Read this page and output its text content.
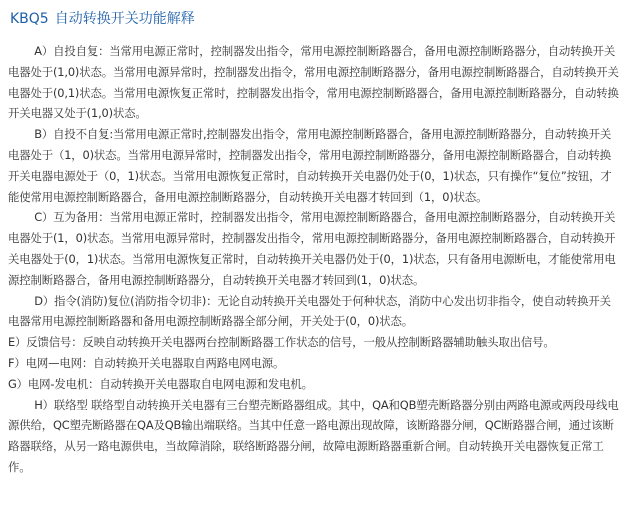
KBQ5 自动转换开关功能解释

A）自投自复：当常用电源正常时，控制器发出指令，常用电源控制断路器合，备用电源控制断路器分，自动转换开关电器处于(1,0)状态。当常用电源异常时，控制器发出指令，常用电源控制断路器分，备用电源控制断路器合，自动转换开关电器处于(0,1)状态。当常用电源恢复正常时，控制器发出指令，常用电源控制断路器合，备用电源控制断路器分，自动转换开关电器又处于(1,0)状态。

B）自投不自复:当常用电源正常时,控制器发出指令，常用电源控制断路器合，备用电源控制断路器分，自动转换开关电器处于（1，0)状态。当常用电源异常时，控制器发出指令，常用电源控制断路器分，备用电源控制断路器合，自动转换开关电器电源处于（0，1)状态。当常用电源恢复正常时，自动转换开关电器仍处于(0，1)状态，只有操作“复位”按钮，才能使常用电源控制断路器合，备用电源控制断路器分，自动转换开关电器才转回到（1，0)状态。

C）互为备用：当常用电源正常时，控制器发出指令，常用电源控制断路器合，备用电源控制断路器分，自动转换开关电器处于(1，0)状态。当常用电源异常时，控制器发出指令，常用电源控制断路器分，备用电源控制断路器合，自动转换开关电器处于(0，1)状态。当常用电源恢复正常时，自动转换开关电器仍处于(0，1)状态，只有备用电源断电，才能使常用电源控制断路器合，备用电源控制断路器分，自动转换开关电器才转回到(1，0)状态。

D）指令(消防)复位(消防指令切非)：无论自动转换开关电器处于何种状态，消防中心发出切非指令，使自动转换开关电器常用电源控制断路器和备用电源控制断路器全部分闸，开关处于(0，0)状态。

E）反馈信号：反映自动转换开关电器两台控制断路器工作状态的信号，一般从控制断路器辅助触头取出信号。

F）电网—电网：自动转换开关电器取自两路电网电源。

G）电网-发电机：自动转换开关电器取自电网电源和发电机。

H）联络型 联络型自动转换开关电器有三台塑壳断路器组成。其中，QA和QB塑壳断路器分别由两路电源或两段母线电源供给，QC塑壳断路器在QA及QB输出端联络。当其中任意一路电源出现故障，该断路器分闸，QC断路器合闸，通过该断路器联络，从另一路电源供电，当故障消除，联络断路器分闸，故障电源断路器重新合闸。自动转换开关电器恢复正常工作。
